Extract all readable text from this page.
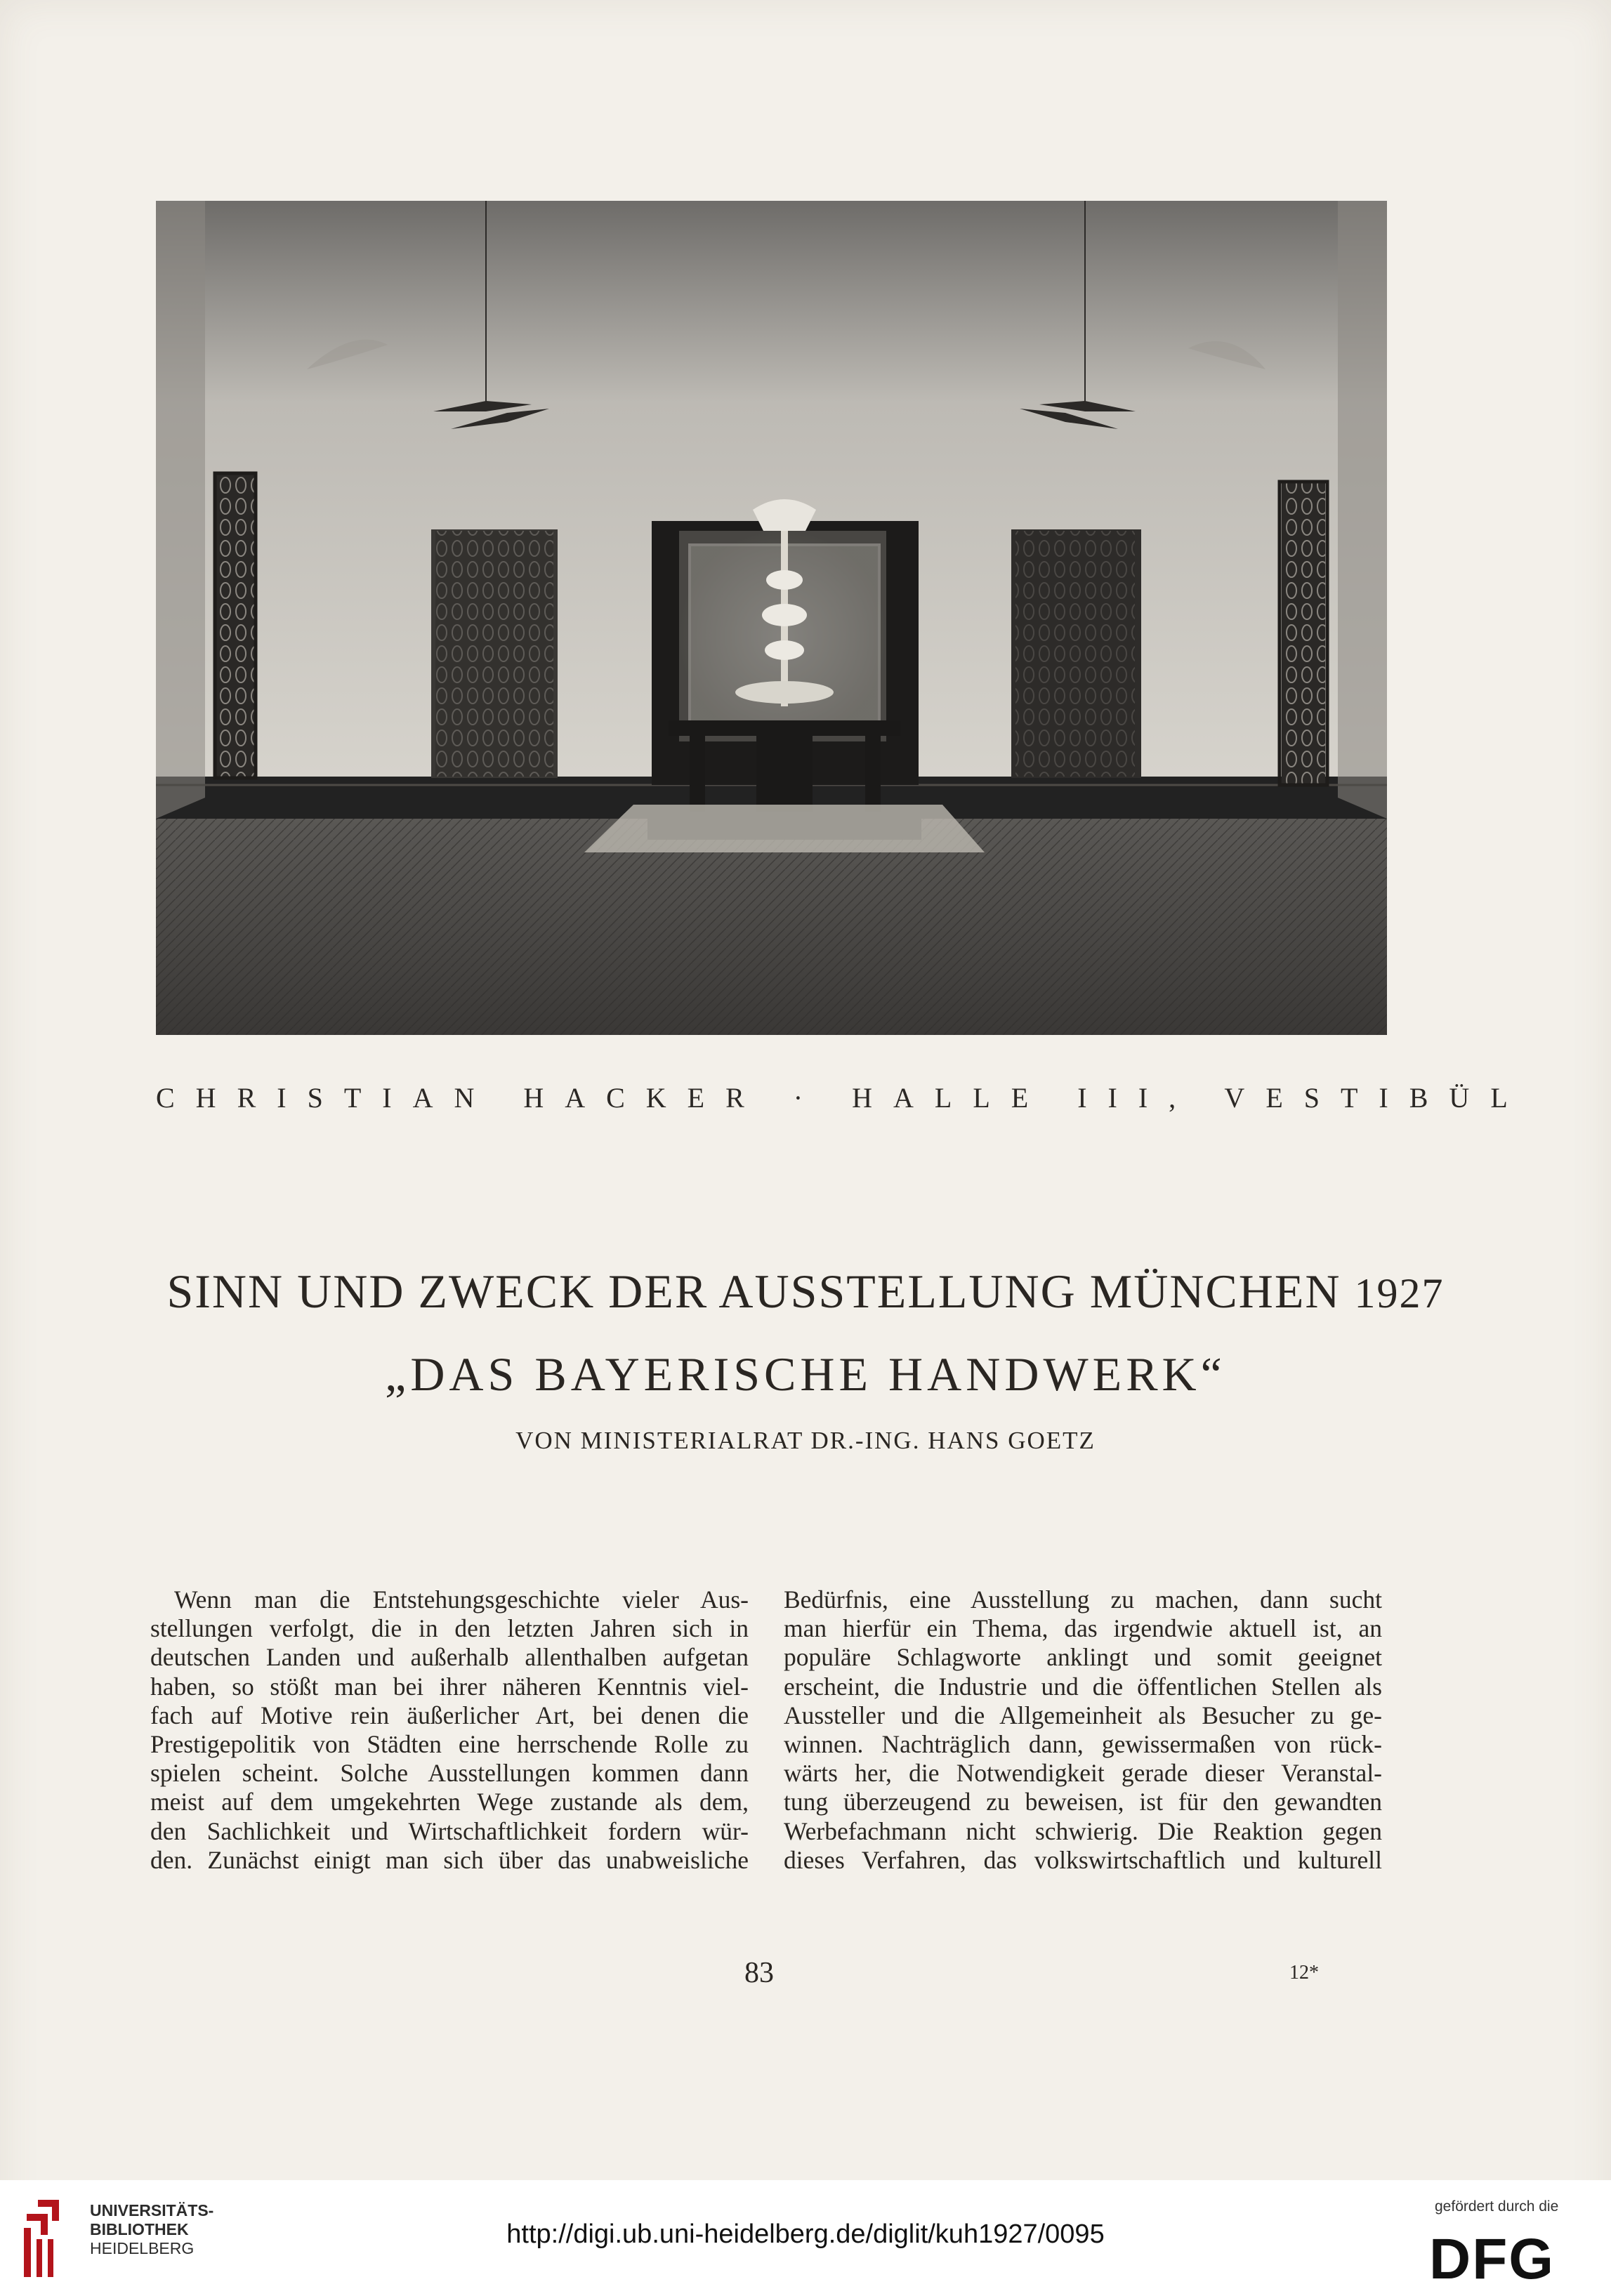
CHRISTIAN HACKER · HALLE III, VESTIBÜL
SINN UND ZWECK DER AUSSTELLUNG MÜNCHEN 1927
„DAS BAYERISCHE HANDWERK“
VON MINISTERIALRAT DR.-ING. HANS GOETZ
Wenn man die Entstehungsgeschichte vieler Aus-
stellungen verfolgt, die in den letzten Jahren sich in
deutschen Landen und außerhalb allenthalben aufgetan
haben, so stößt man bei ihrer näheren Kenntnis viel-
fach auf Motive rein äußerlicher Art, bei denen die
Prestigepolitik von Städten eine herrschende Rolle zu
spielen scheint. Solche Ausstellungen kommen dann
meist auf dem umgekehrten Wege zustande als dem,
den Sachlichkeit und Wirtschaftlichkeit fordern wür-
den. Zunächst einigt man sich über das unabweisliche
Bedürfnis, eine Ausstellung zu machen, dann sucht
man hierfür ein Thema, das irgendwie aktuell ist, an
populäre Schlagworte anklingt und somit geeignet
erscheint, die Industrie und die öffentlichen Stellen als
Aussteller und die Allgemeinheit als Besucher zu ge-
winnen. Nachträglich dann, gewissermaßen von rück-
wärts her, die Notwendigkeit gerade dieser Veranstal-
tung überzeugend zu beweisen, ist für den gewandten
Werbefachmann nicht schwierig. Die Reaktion gegen
dieses Verfahren, das volkswirtschaftlich und kulturell
83	12*
UNIVERSITÄTS-
BIBLIOTHEK
HEIDELBERG	http://digi.ub.uni-heidelberg.de/diglit/kuh1927/0095
gefördert durch die
DFG
